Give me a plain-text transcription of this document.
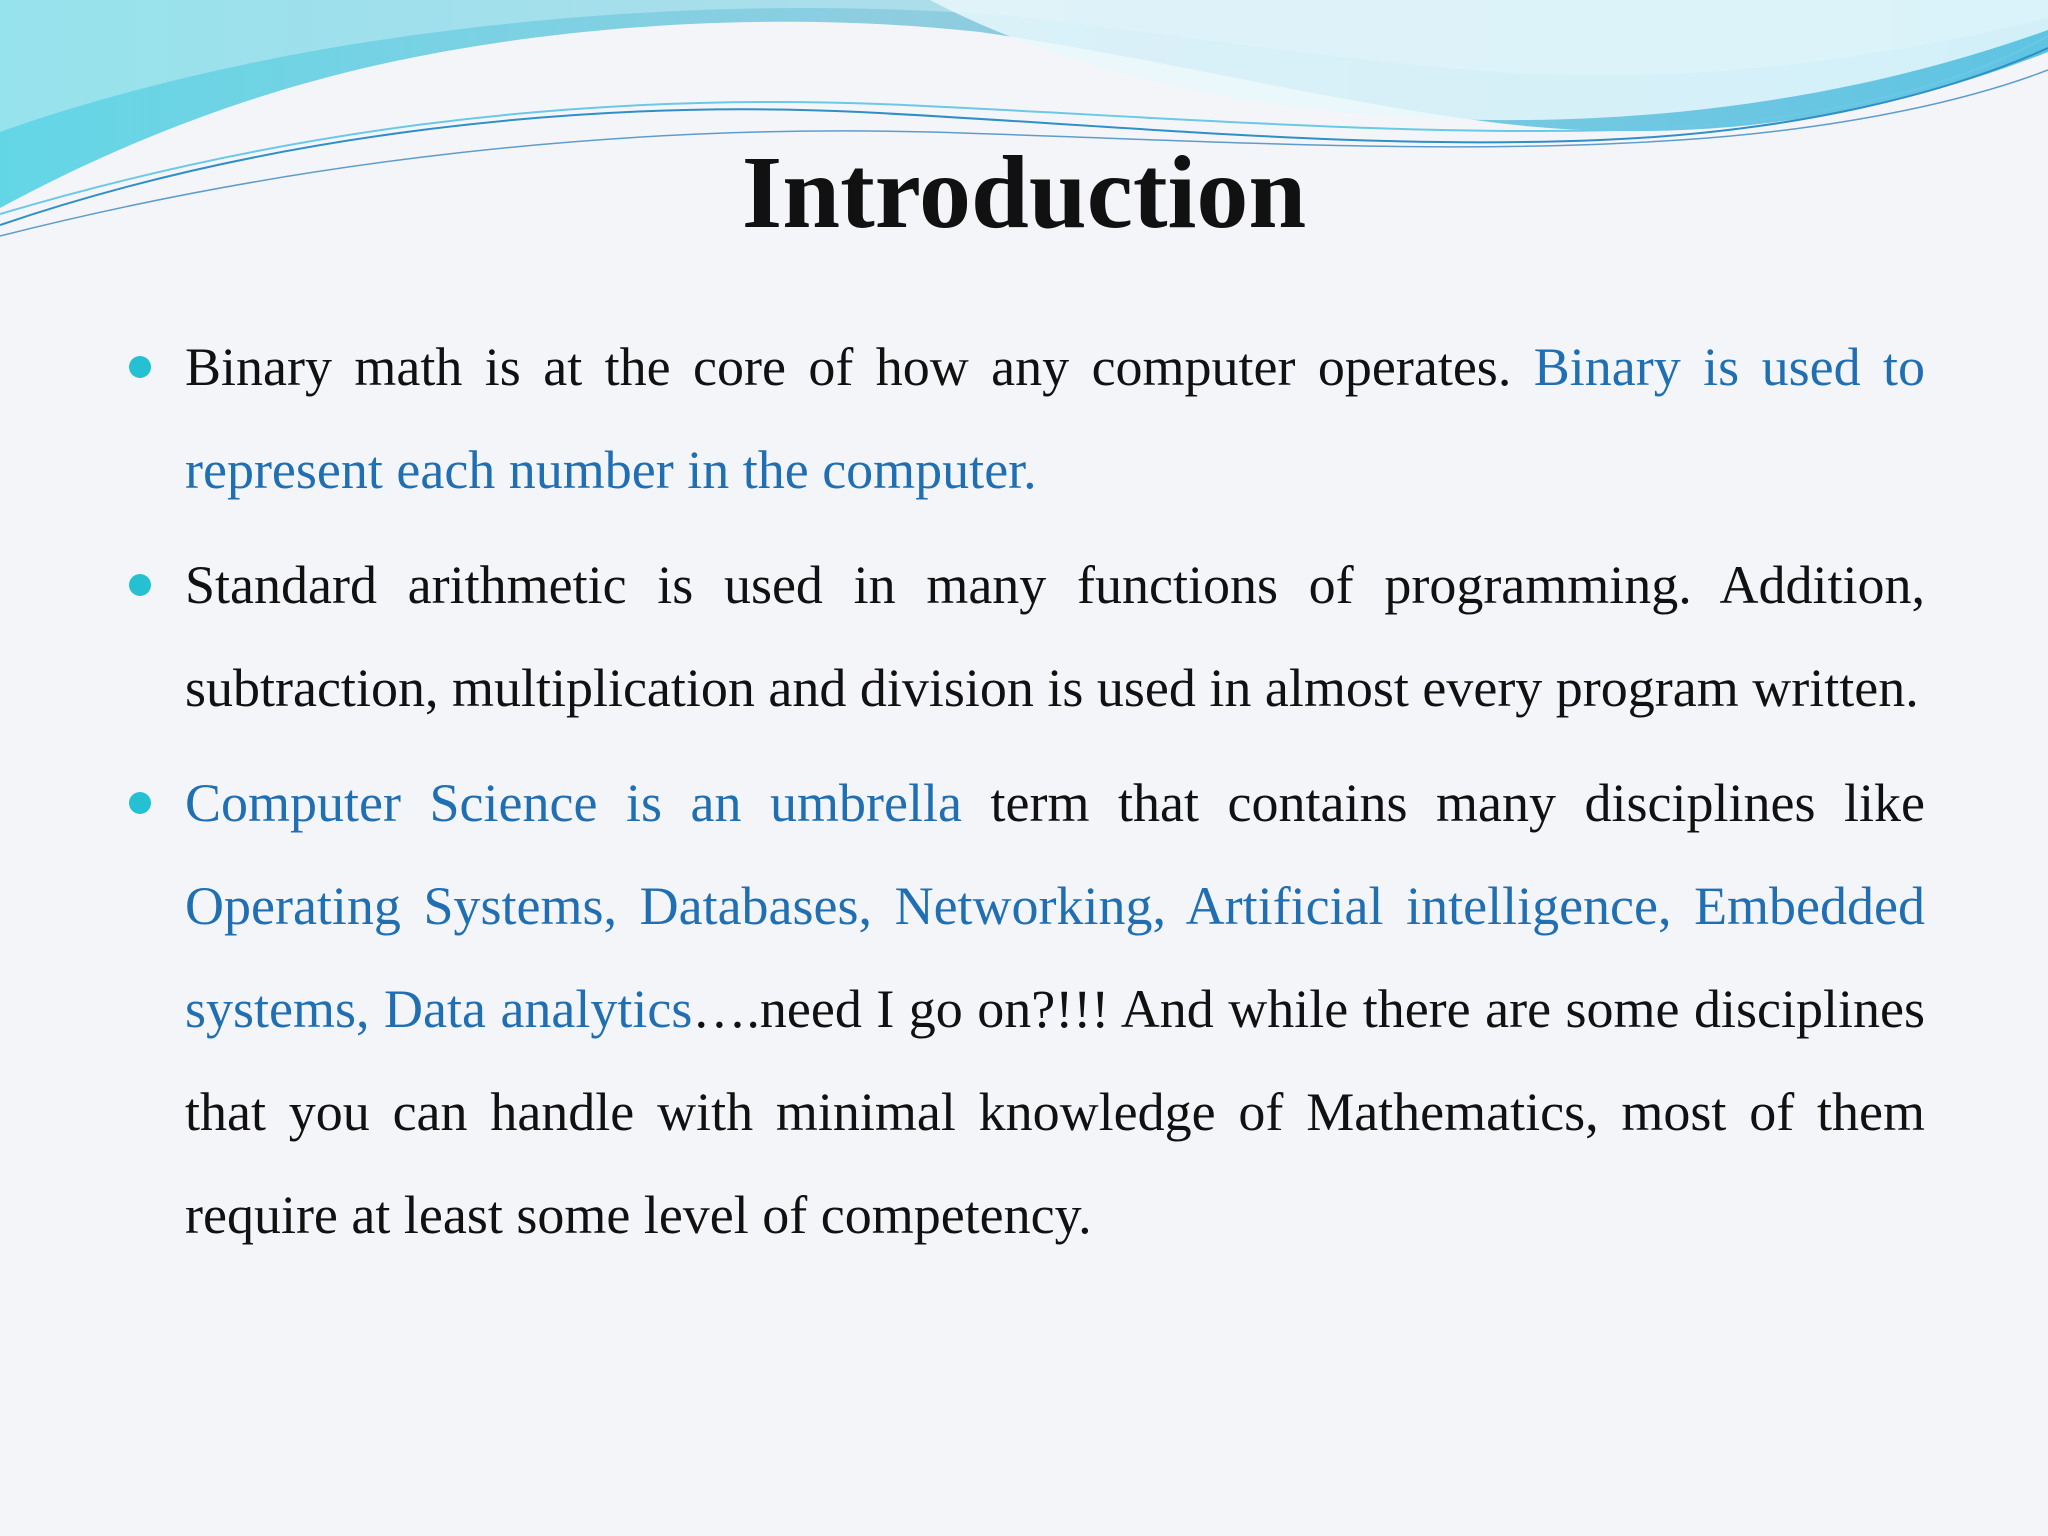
Introduction
Binary math is at the core of how any computer operates. Binary is used to represent each number in the computer.
Standard arithmetic is used in many functions of programming. Addition, subtraction, multiplication and division is used in almost every program written.
Computer Science is an umbrella term that contains many disciplines like Operating Systems, Databases, Networking, Artificial intelligence, Embedded systems, Data analytics….need I go on?!!! And while there are some disciplines that you can handle with minimal knowledge of Mathematics, most of them require at least some level of competency.
